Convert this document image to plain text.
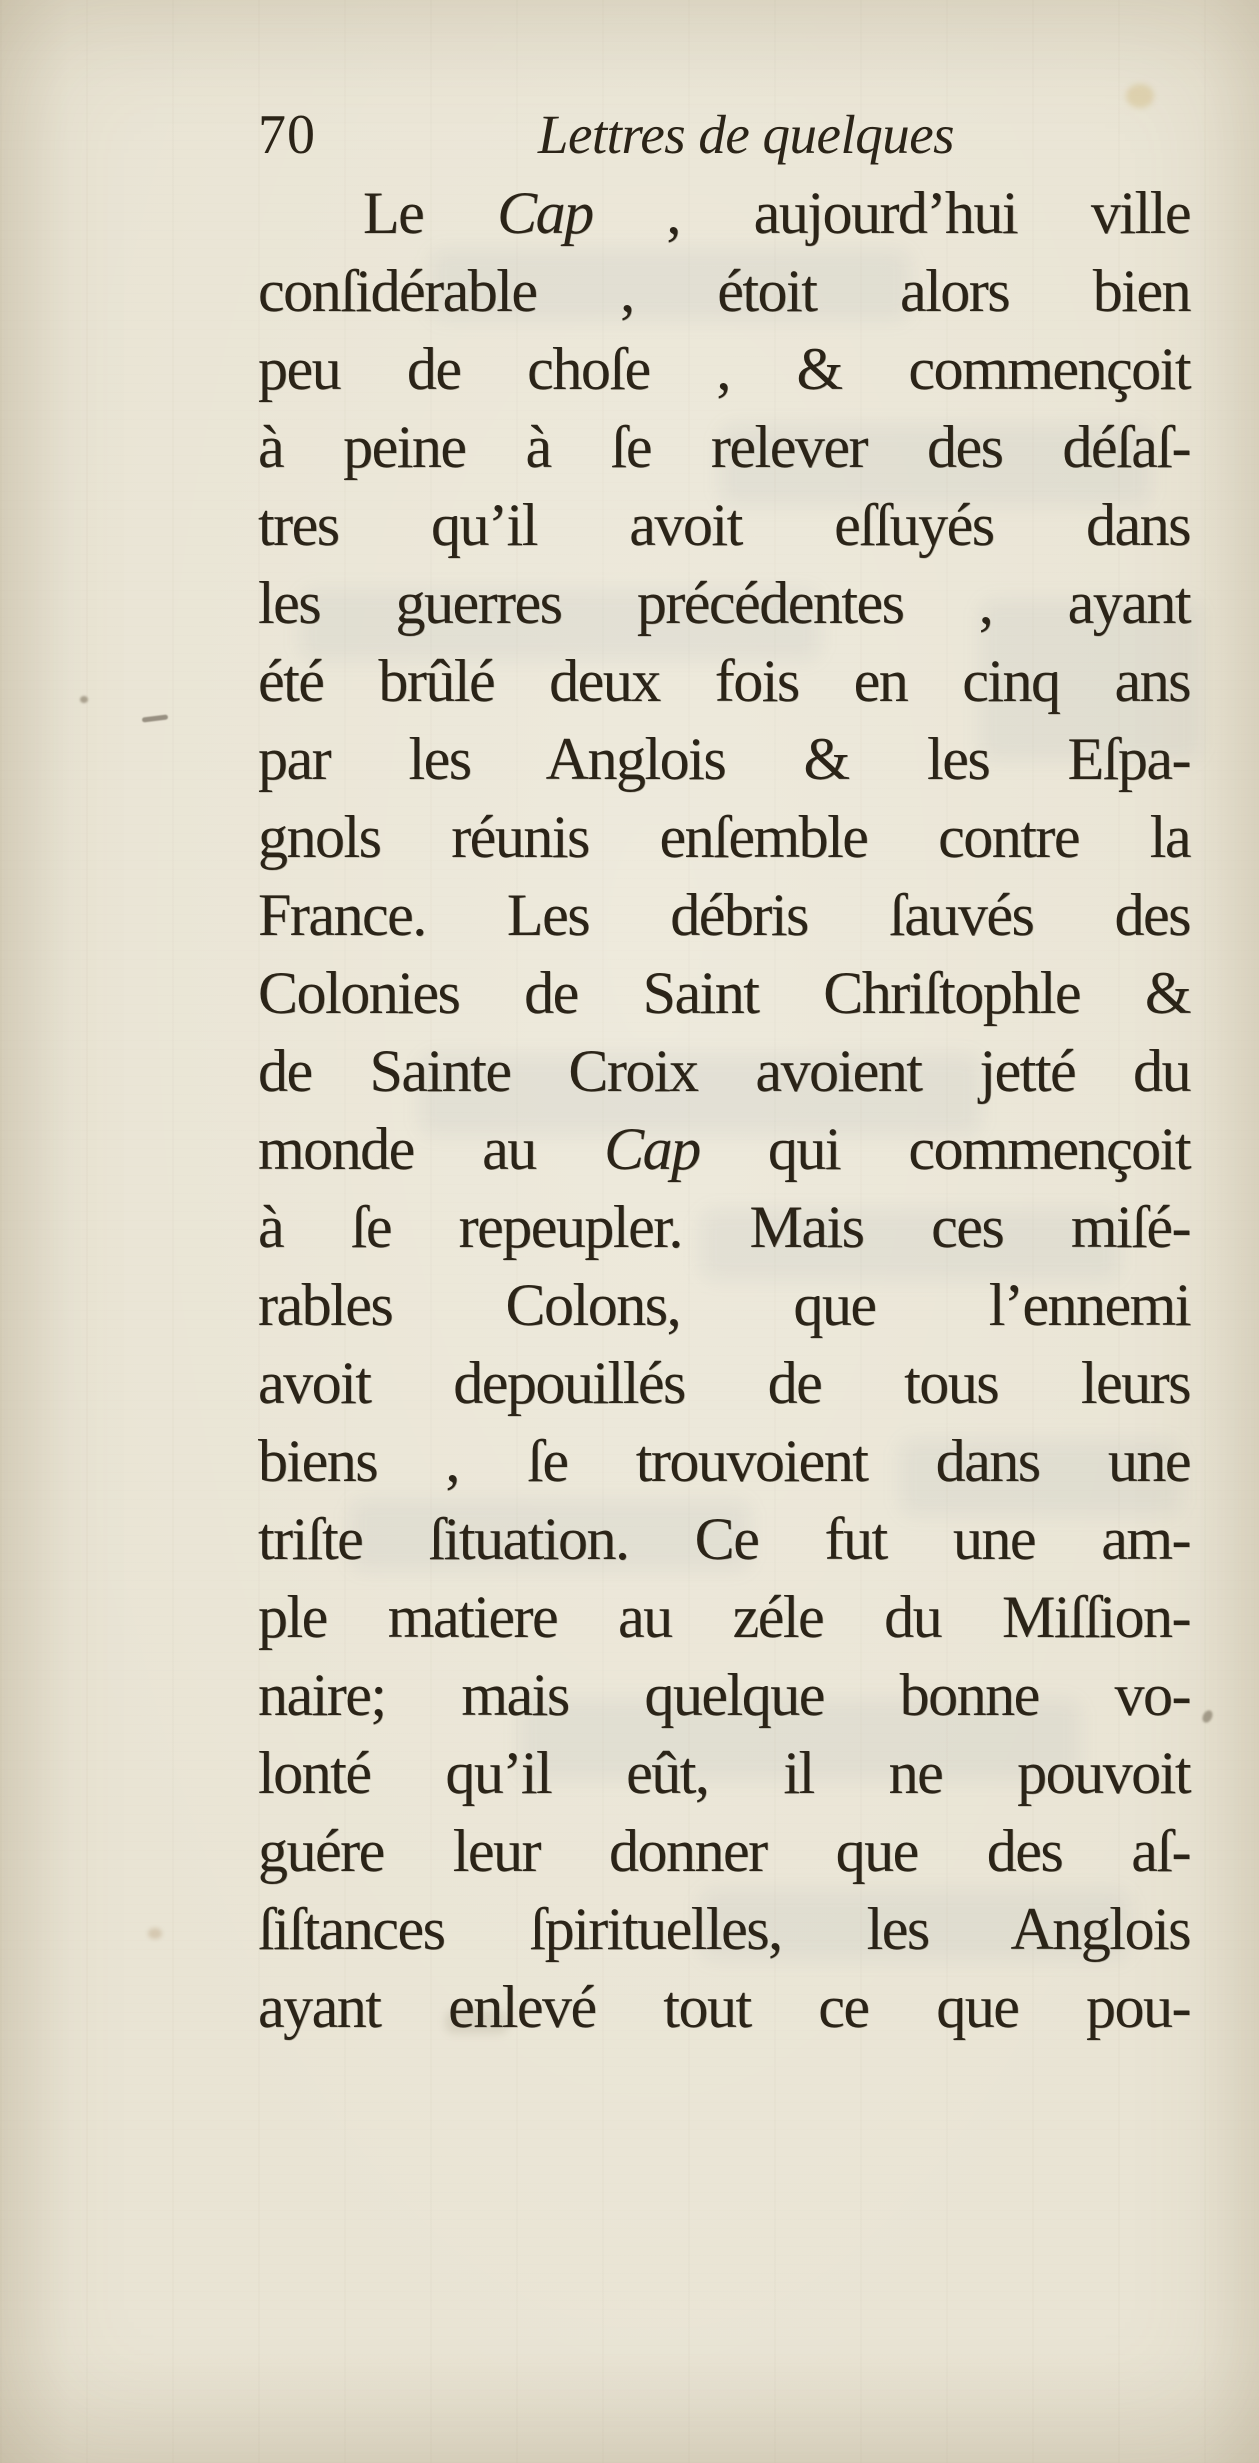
70	Lettres de quelques
Le Cap , aujourd’hui ville
conſidérable , étoit alors bien
peu de choſe , & commençoit
à peine à ſe relever des déſaſ-
tres qu’il avoit eſſuyés dans
les guerres précédentes , ayant
été brûlé deux fois en cinq ans
par les Anglois & les Eſpa-
gnols réunis enſemble contre la
France. Les débris ſauvés des
Colonies de Saint Chriſtophle &
de Sainte Croix avoient jetté du
monde au Cap qui commençoit
à ſe repeupler. Mais ces miſé-
rables Colons, que l’ennemi
avoit depouillés de tous leurs
biens , ſe trouvoient dans une
triſte ſituation. Ce fut une am-
ple matiere au zéle du Miſſion-
naire; mais quelque bonne vo-
lonté qu’il eût, il ne pouvoit
guére leur donner que des aſ-
ſiſtances ſpirituelles, les Anglois
ayant enlevé tout ce que pou-
